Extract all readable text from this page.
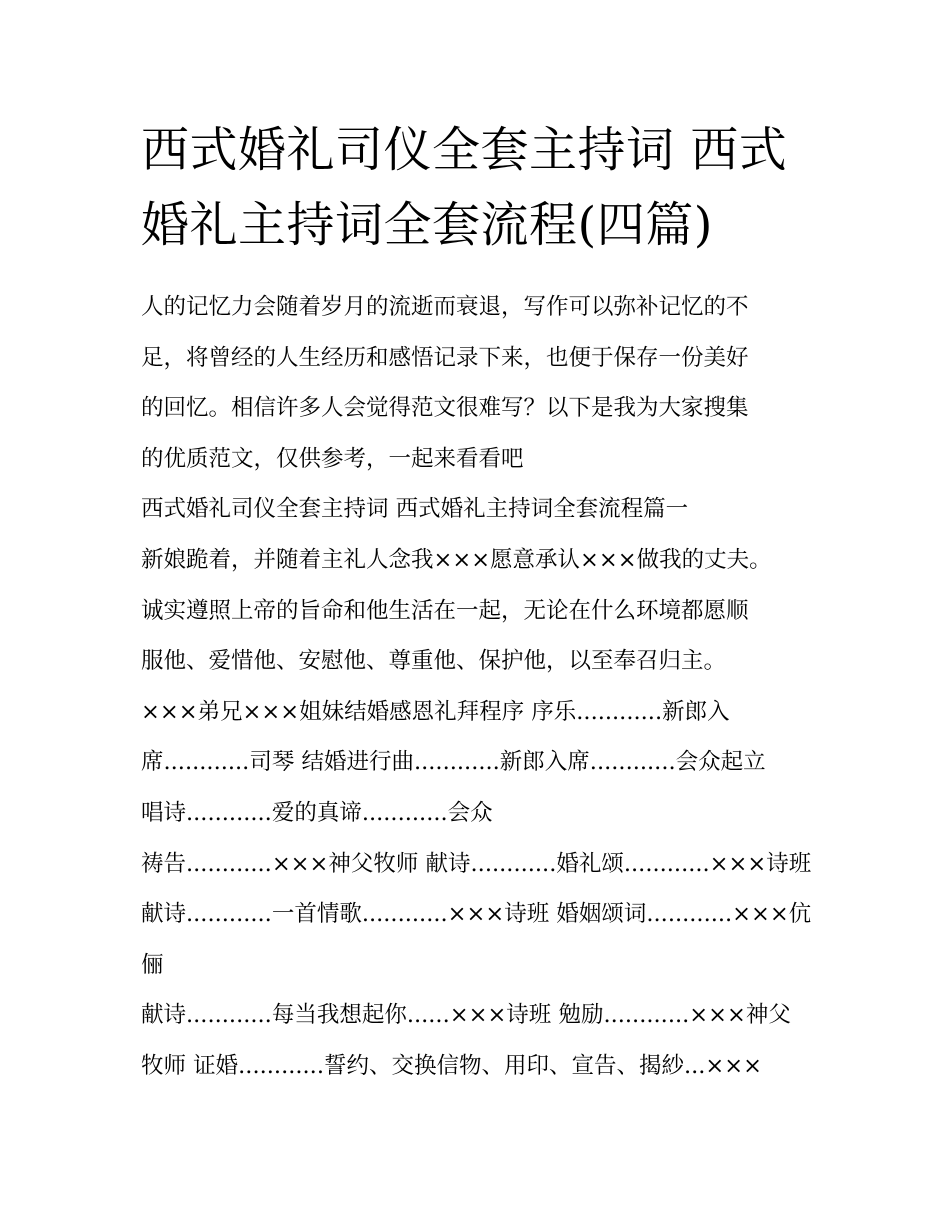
西式婚礼司仪全套主持词 西式
婚礼主持词全套流程(四篇)
人的记忆力会随着岁月的流逝而衰退，写作可以弥补记忆的不
足，将曾经的人生经历和感悟记录下来，也便于保存一份美好
的回忆。相信许多人会觉得范文很难写？以下是我为大家搜集
的优质范文，仅供参考，一起来看看吧
西式婚礼司仪全套主持词 西式婚礼主持词全套流程篇一
新娘跪着，并随着主礼人念我×××愿意承认×××做我的丈夫。
诚实遵照上帝的旨命和他生活在一起，无论在什么环境都愿顺
服他、爱惜他、安慰他、尊重他、保护他，以至奉召归主。
×××弟兄×××姐妹结婚感恩礼拜程序 序乐............新郎入
席............司琴 结婚进行曲............新郎入席............会众起立
唱诗............爱的真谛............会众
祷告............×××神父牧师 献诗............婚礼颂............×××诗班
献诗............一首情歌............×××诗班 婚姻颂词............×××伉
俪
献诗............每当我想起你......×××诗班 勉励............×××神父
牧师 证婚............誓约、交换信物、用印、宣告、揭紗...×××
